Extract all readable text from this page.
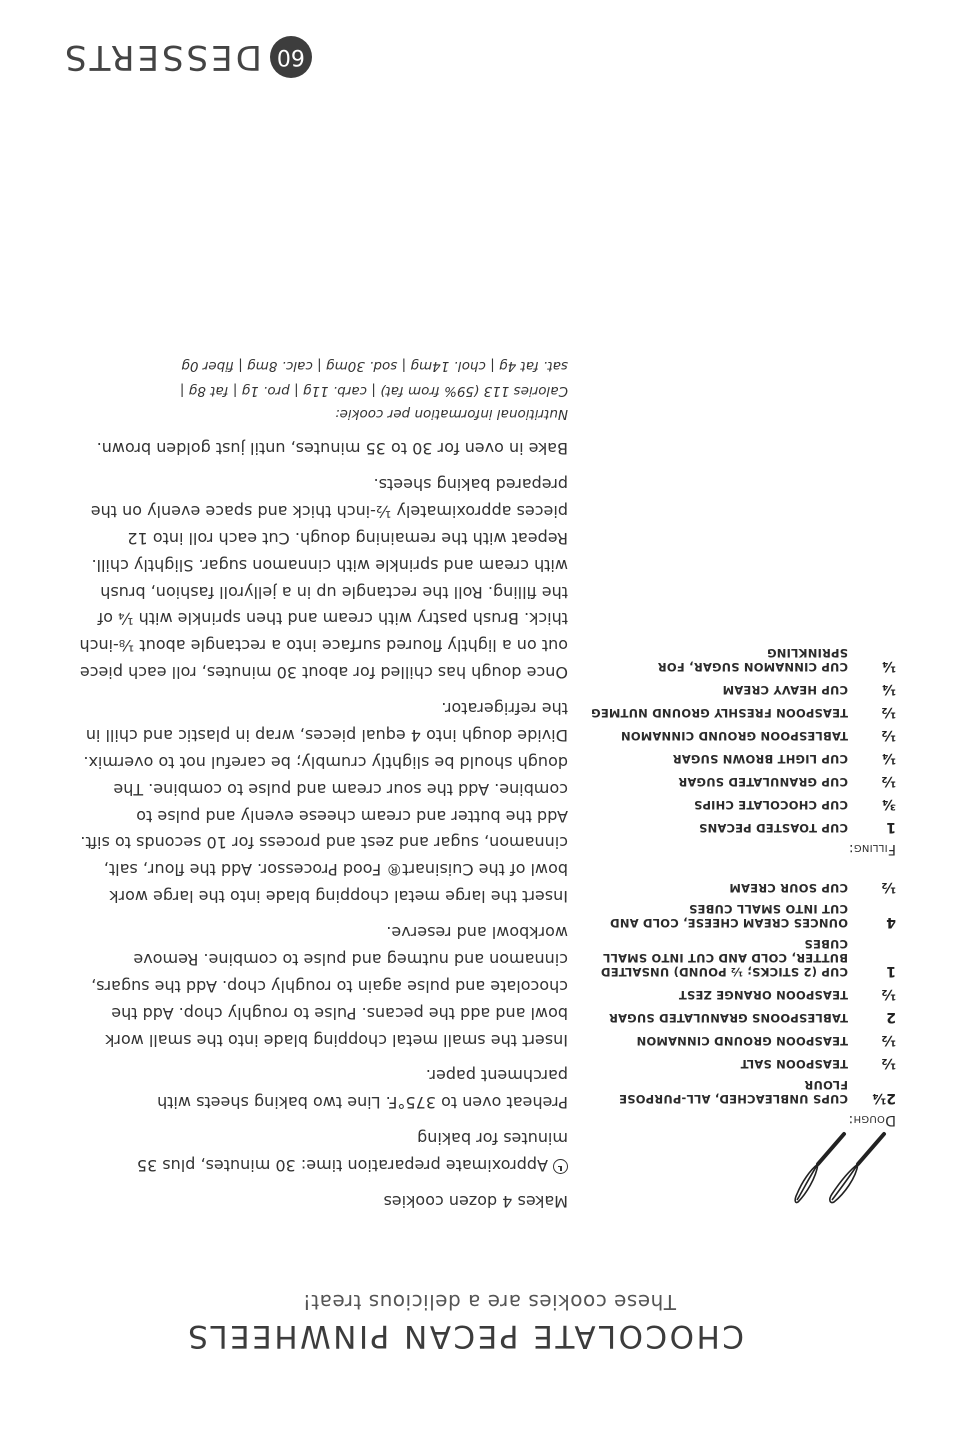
CHOCOLATE PECAN PINWHEELS
These cookies are a delicious treat!
Dough:
2¼
CUPS UNBLEACHED, ALL-PURPOSE FLOUR
½
TEASPOON SALT
½
TEASPOON GROUND CINNAMON
2
TABLESPOONS GRANULATED SUGAR
½
TEASPOON ORANGE ZEST
1
CUP (2 STICKS; ½ POUND) UNSALTED BUTTER, COLD AND CUT INTO SMALL CUBES
4
OUNCES CREAM CHEESE, COLD AND CUT INTO SMALL CUBES
½
CUP SOUR CREAM
Filling:
1
CUP TOASTED PECANS
¾
CUP CHOCOLATE CHIPS
½
CUP GRANULATED SUGAR
¼
CUP LIGHT BROWN SUGAR
½
TABLESPOON GROUND CINNAMON
½
TEASPOON FRESHLY GROUND NUTMEG
¼
CUP HEAVY CREAM
¼
CUP CINNAMON SUGAR, FOR SPRINKLING

Makes 4 dozen cookies

Approximate preparation time: 30 minutes, plus 35 minutes for baking

Preheat oven to 375°F. Line two baking sheets with parchment paper.

Insert the small metal chopping blade into the small work bowl and add the pecans. Pulse to roughly chop. Add the chocolate and pulse again to roughly chop. Add the sugars, cinnamon and nutmeg and pulse to combine. Remove workbowl and reserve.

Insert the large metal chopping blade into the large work bowl of the Cuisinart® Food Processor. Add the flour, salt, cinnamon, sugar and zest and process for 10 seconds to sift. Add the butter and cream cheese evenly and pulse to combine. Add the sour cream and pulse to combine. The dough should be slightly crumbly; be careful not to overmix. Divide dough into 4 equal pieces, wrap in plastic and chill in the refrigerator.

Once dough has chilled for about 30 minutes, roll each piece out on a lightly floured surface into a rectangle about ⅛-inch thick. Brush pastry with cream and then sprinkle with ¼ of the filling. Roll the rectangle up in a jellyroll fashion, brush with cream and sprinkle with cinnamon sugar. Slightly chill. Repeat with the remaining dough. Cut each roll into 12 pieces approximately ½-inch thick and space evenly on the prepared baking sheets.

Bake in oven for 30 to 35 minutes, until just golden brown.

Nutritional information per cookie:
Calories 113 (59% from fat) | carb. 11g | pro. 1g | fat 8g |
sat. fat 4g | chol. 14mg | sod. 30mg | calc. 8mg | fiber 0g
60
DESSERTS
